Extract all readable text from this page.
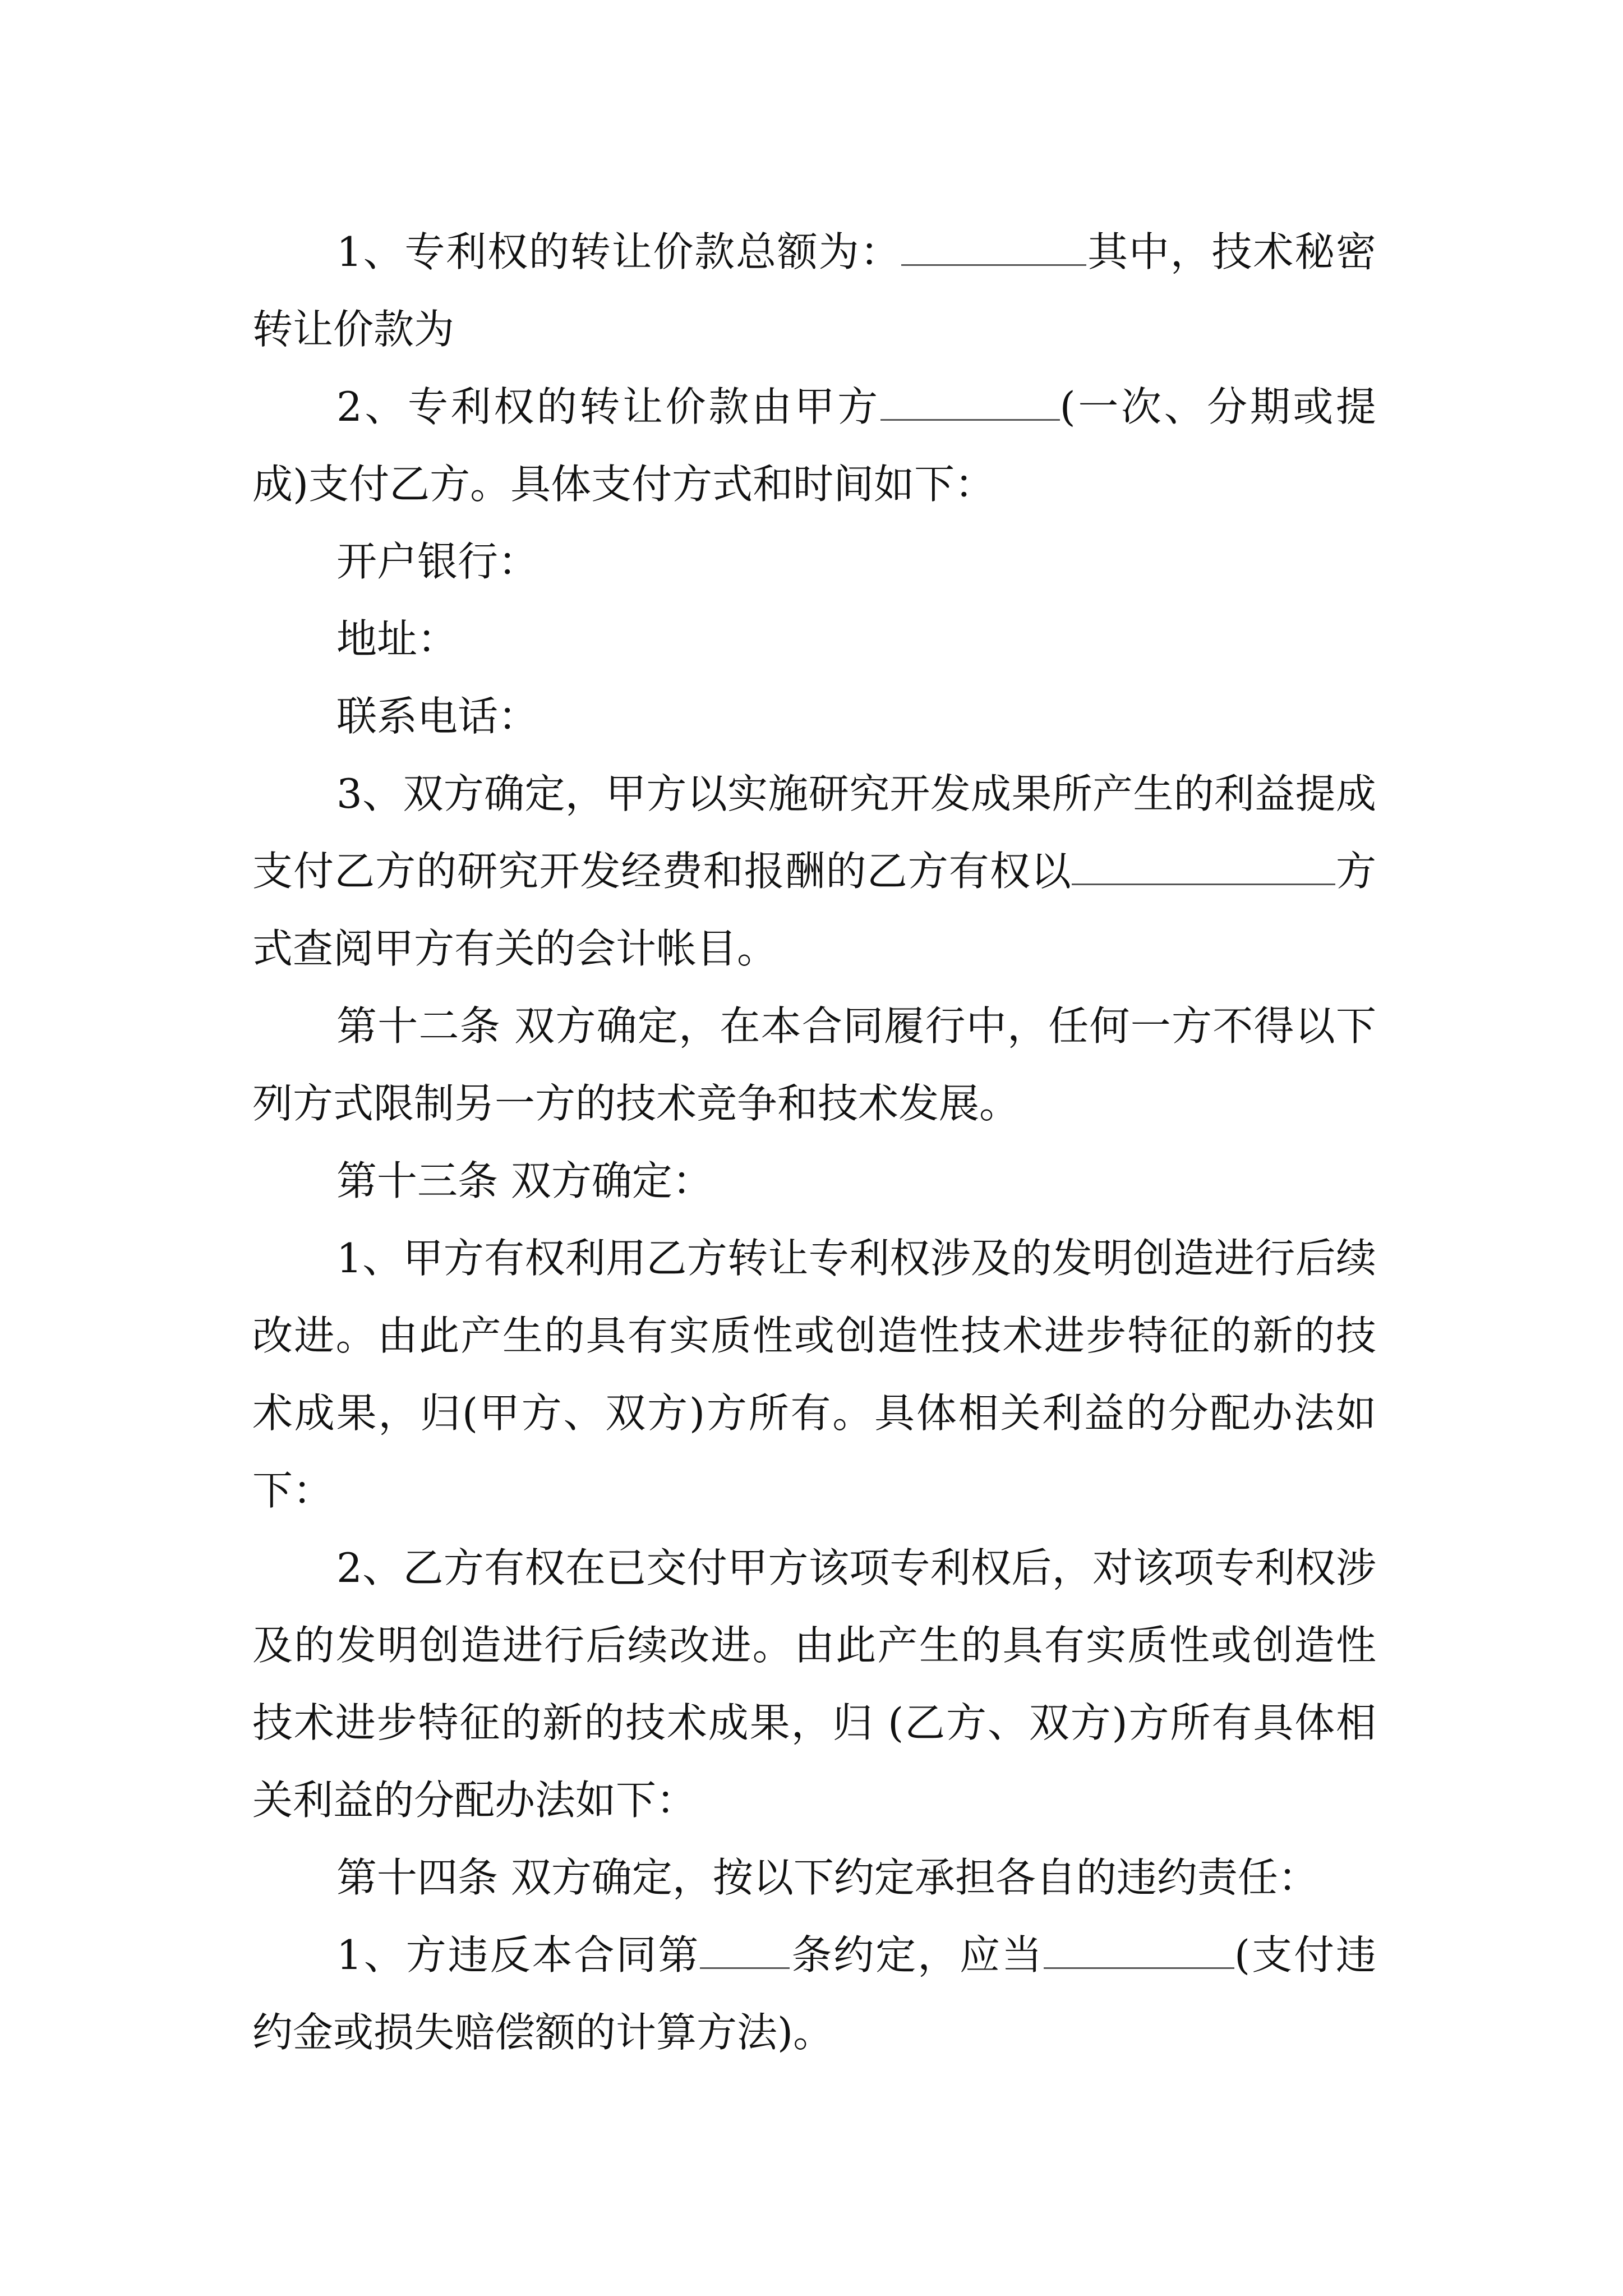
1、专利权的转让价款总额为：	其中，技术秘密转让价款为

2、专利权的转让价款由甲方	(一次、分期或提成)支付乙方。具体支付方式和时间如下：

开户银行：

地址：

联系电话：

3、双方确定，甲方以实施研究开发成果所产生的利益提成支付乙方的研究开发经费和报酬的乙方有权以	方式查阅甲方有关的会计帐目。

第十二条 双方确定，在本合同履行中，任何一方不得以下列方式限制另一方的技术竞争和技术发展。

第十三条 双方确定：

1、甲方有权利用乙方转让专利权涉及的发明创造进行后续改进。由此产生的具有实质性或创造性技术进步特征的新的技术成果，归(甲方、双方)方所有。具体相关利益的分配办法如下：

2、乙方有权在已交付甲方该项专利权后，对该项专利权涉及的发明创造进行后续改进。由此产生的具有实质性或创造性技术进步特征的新的技术成果，归 (乙方、双方)方所有具体相关利益的分配办法如下：

第十四条 双方确定，按以下约定承担各自的违约责任：

1、方违反本合同第 条约定，应当	(支付违约金或损失赔偿额的计算方法)。
